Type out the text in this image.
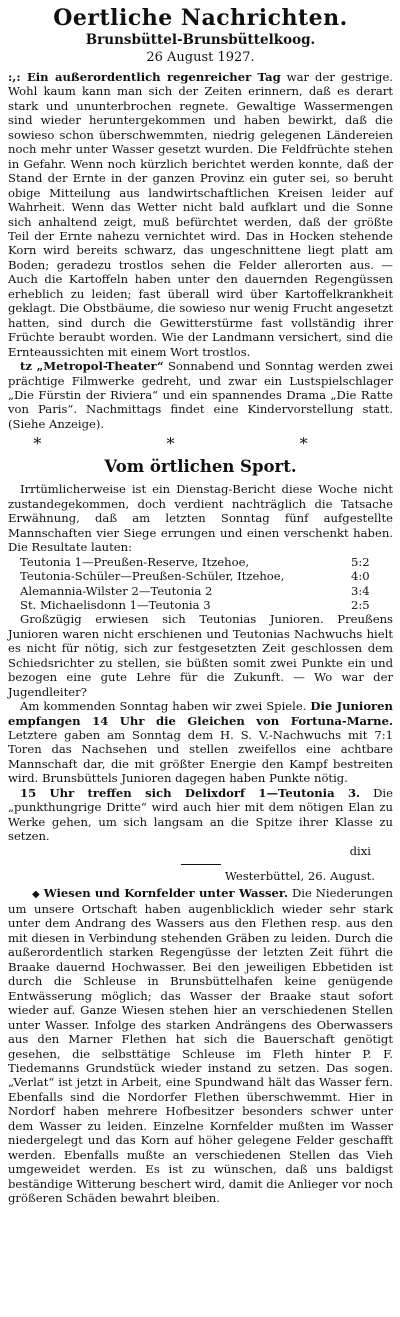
Oertliche Nachrichten.
Brunsbüttel-Brunsbüttelkoog.
26 August 1927.

:,: Ein außerordentlich regenreicher Tag war der gestrige. Wohl kaum kann man sich der Zeiten erinnern, daß es derart stark und ununterbrochen regnete. Gewaltige Wassermengen sind wieder heruntergekommen und haben bewirkt, daß die sowieso schon überschwemmten, niedrig gelegenen Ländereien noch mehr unter Wasser gesetzt wurden. Die Feldfrüchte stehen in Gefahr. Wenn noch kürzlich berichtet werden konnte, daß der Stand der Ernte in der ganzen Provinz ein guter sei, so beruht obige Mitteilung aus landwirtschaftlichen Kreisen leider auf Wahrheit. Wenn das Wetter nicht bald aufklart und die Sonne sich anhaltend zeigt, muß befürchtet werden, daß der größte Teil der Ernte nahezu vernichtet wird. Das in Hocken stehende Korn wird bereits schwarz, das ungeschnittene liegt platt am Boden; geradezu trostlos sehen die Felder allerorten aus. — Auch die Kartoffeln haben unter den dauernden Regengüssen erheblich zu leiden; fast überall wird über Kartoffelkrankheit geklagt. Die Obstbäume, die sowieso nur wenig Frucht angesetzt hatten, sind durch die Gewitterstürme fast vollständig ihrer Früchte beraubt worden. Wie der Landmann versichert, sind die Ernteaussichten mit einem Wort trostlos.

tz „Metropol-Theater“ Sonnabend und Sonntag werden zwei prächtige Filmwerke gedreht, und zwar ein Lustspielschlager „Die Fürstin der Riviera“ und ein spannendes Drama „Die Ratte von Paris“. Nachmittags findet eine Kindervorstellung statt. (Siehe Anzeige).

* * *
Vom örtlichen Sport.

Irrtümlicherweise ist ein Dienstag-Bericht diese Woche nicht zustandegekommen, doch verdient nachträglich die Tatsache Erwähnung, daß am letzten Sonntag fünf aufgestellte Mannschaften vier Siege errungen und einen verschenkt haben. Die Resultate lauten:

Teutonia 1—Preußen-Reserve, Itzehoe,	5:2
Teutonia-Schüler—Preußen-Schüler, Itzehoe,	4:0
Alemannia-Wilster 2—Teutonia 2	3:4
St. Michaelisdonn 1—Teutonia 3	2:5

Großzügig erwiesen sich Teutonias Junioren. Preußens Junioren waren nicht erschienen und Teutonias Nachwuchs hielt es nicht für nötig, sich zur festgesetzten Zeit geschlossen dem Schiedsrichter zu stellen, sie büßten somit zwei Punkte ein und bezogen eine gute Lehre für die Zukunft. — Wo war der Jugendleiter?

Am kommenden Sonntag haben wir zwei Spiele. Die Junioren empfangen 14 Uhr die Gleichen von Fortuna-Marne. Letztere gaben am Sonntag dem H. S. V.-Nachwuchs mit 7:1 Toren das Nachsehen und stellen zweifellos eine achtbare Mannschaft dar, die mit größter Energie den Kampf bestreiten wird. Brunsbüttels Junioren dagegen haben Punkte nötig.

15 Uhr treffen sich Delixdorf 1—Teutonia 3. Die „punkthungrige Dritte“ wird auch hier mit dem nötigen Elan zu Werke gehen, um sich langsam an die Spitze ihrer Klasse zu setzen.

dixi
Westerbüttel, 26. August.

◆ Wiesen und Kornfelder unter Wasser. Die Niederungen um unsere Ortschaft haben augenblicklich wieder sehr stark unter dem Andrang des Wassers aus den Flethen resp. aus den mit diesen in Verbindung stehenden Gräben zu leiden. Durch die außerordentlich starken Regengüsse der letzten Zeit führt die Braake dauernd Hochwasser. Bei den jeweiligen Ebbetiden ist durch die Schleuse in Brunsbüttelhafen keine genügende Entwässerung möglich; das Wasser der Braake staut sofort wieder auf. Ganze Wiesen stehen hier an verschiedenen Stellen unter Wasser. Infolge des starken Andrängens des Oberwassers aus den Marner Flethen hat sich die Bauerschaft genötigt gesehen, die selbsttätige Schleuse im Fleth hinter P. F. Tiedemanns Grundstück wieder instand zu setzen. Das sogen. „Verlat“ ist jetzt in Arbeit, eine Spundwand hält das Wasser fern. Ebenfalls sind die Nordorfer Flethen überschwemmt. Hier in Nordorf haben mehrere Hofbesitzer besonders schwer unter dem Wasser zu leiden. Einzelne Kornfelder mußten im Wasser niedergelegt und das Korn auf höher gelegene Felder geschafft werden. Ebenfalls mußte an verschiedenen Stellen das Vieh umgeweidet werden. Es ist zu wünschen, daß uns baldigst beständige Witterung beschert wird, damit die Anlieger vor noch größeren Schäden bewahrt bleiben.
